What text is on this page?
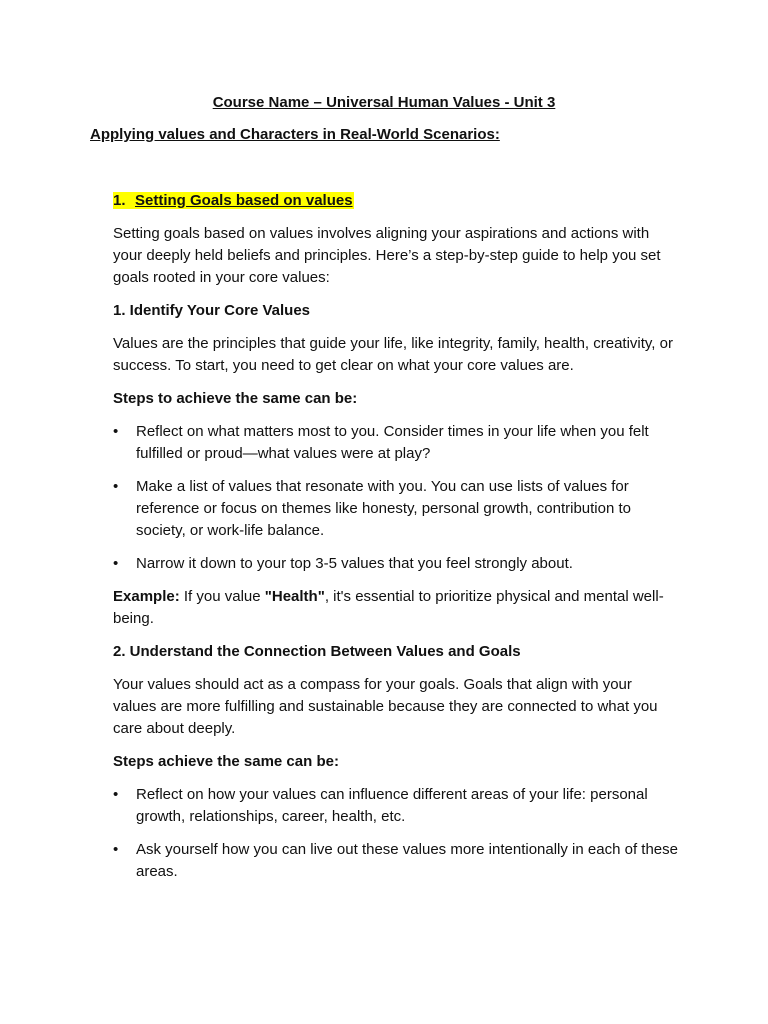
Course Name – Universal Human Values - Unit 3
Applying values and Characters in Real-World Scenarios:
1. Setting Goals based on values

Setting goals based on values involves aligning your aspirations and actions with your deeply held beliefs and principles. Here’s a step-by-step guide to help you set goals rooted in your core values:

1. Identify Your Core Values

Values are the principles that guide your life, like integrity, family, health, creativity, or success. To start, you need to get clear on what your core values are.

Steps to achieve the same can be:
•	Reflect on what matters most to you. Consider times in your life when you felt fulfilled or proud—what values were at play?
•	Make a list of values that resonate with you. You can use lists of values for reference or focus on themes like honesty, personal growth, contribution to society, or work-life balance.
•	Narrow it down to your top 3-5 values that you feel strongly about.

Example: If you value "Health", it's essential to prioritize physical and mental well-being.

2. Understand the Connection Between Values and Goals

Your values should act as a compass for your goals. Goals that align with your values are more fulfilling and sustainable because they are connected to what you care about deeply.

Steps achieve the same can be:
•	Reflect on how your values can influence different areas of your life: personal growth, relationships, career, health, etc.
•	Ask yourself how you can live out these values more intentionally in each of these areas.
